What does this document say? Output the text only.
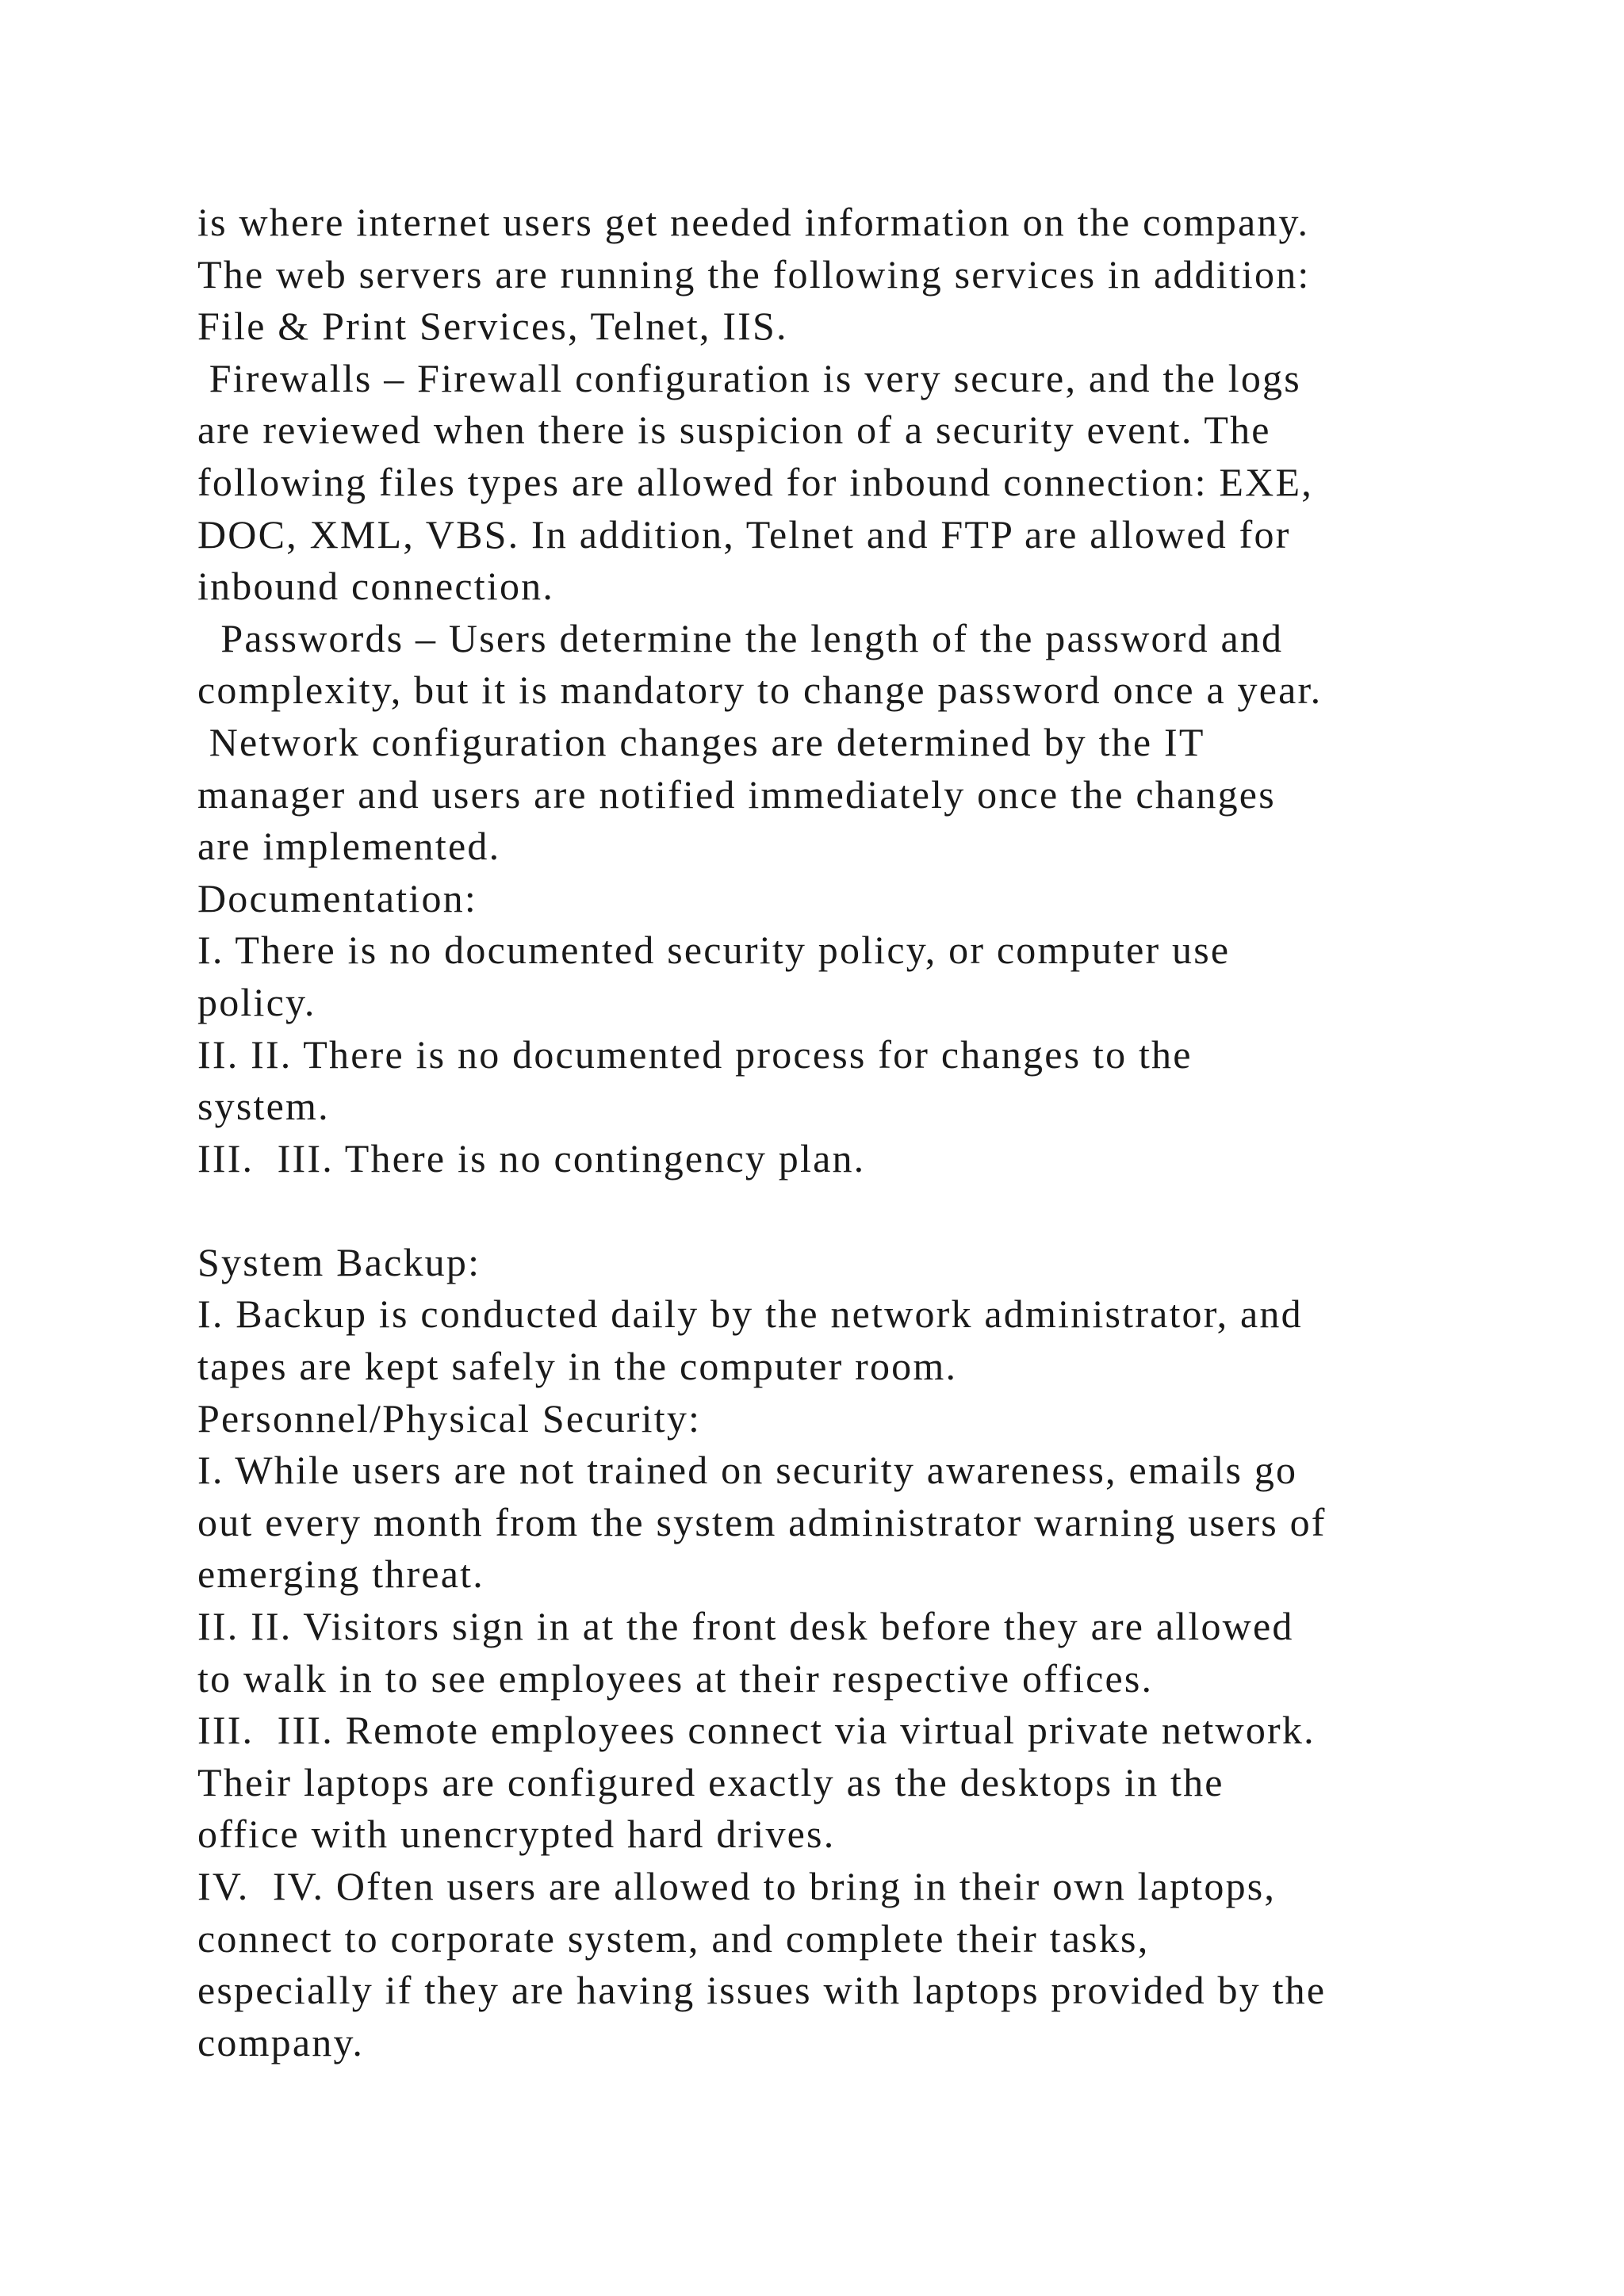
is where internet users get needed information on the company.
The web servers are running the following services in addition:
File & Print Services, Telnet, IIS.
Firewalls – Firewall configuration is very secure, and the logs
are reviewed when there is suspicion of a security event. The
following files types are allowed for inbound connection: EXE,
DOC, XML, VBS. In addition, Telnet and FTP are allowed for
inbound connection.
Passwords – Users determine the length of the password and
complexity, but it is mandatory to change password once a year.
Network configuration changes are determined by the IT
manager and users are notified immediately once the changes
are implemented.
Documentation:
I. There is no documented security policy, or computer use
policy.
II. II. There is no documented process for changes to the
system.
III.  III. There is no contingency plan.
System Backup:
I. Backup is conducted daily by the network administrator, and
tapes are kept safely in the computer room.
Personnel/Physical Security:
I. While users are not trained on security awareness, emails go
out every month from the system administrator warning users of
emerging threat.
II. II. Visitors sign in at the front desk before they are allowed
to walk in to see employees at their respective offices.
III.  III. Remote employees connect via virtual private network.
Their laptops are configured exactly as the desktops in the
office with unencrypted hard drives.
IV.  IV. Often users are allowed to bring in their own laptops,
connect to corporate system, and complete their tasks,
especially if they are having issues with laptops provided by the
company.
